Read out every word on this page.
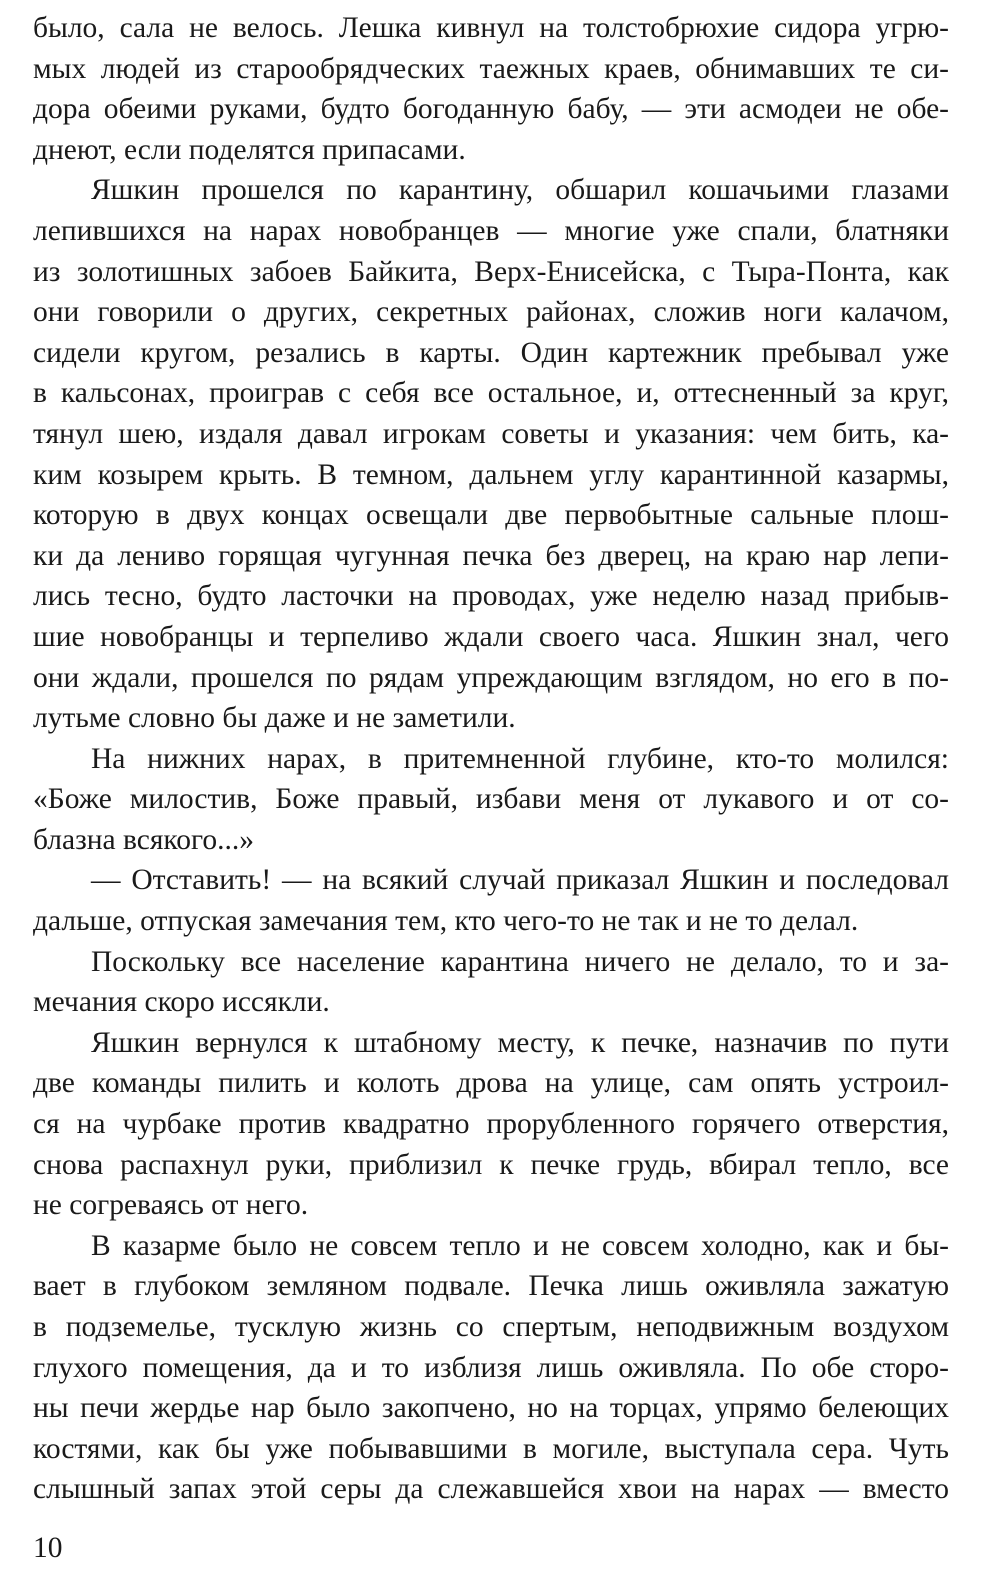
было, сала не велось. Лешка кивнул на толстобрюхие сидора угрю-
мых людей из старообрядческих таежных краев, обнимавших те си-
дора обеими руками, будто богоданную бабу, — эти асмодеи не обе-
днеют, если поделятся припасами.
Яшкин прошелся по карантину, обшарил кошачьими глазами
лепившихся на нарах новобранцев — многие уже спали, блатняки
из золотишных забоев Байкита, Верх-Енисейска, с Тыра-Понта, как
они говорили о других, секретных районах, сложив ноги калачом,
сидели кругом, резались в карты. Один картежник пребывал уже
в кальсонах, проиграв с себя все остальное, и, оттесненный за круг,
тянул шею, издаля давал игрокам советы и указания: чем бить, ка-
ким козырем крыть. В темном, дальнем углу карантинной казармы,
которую в двух концах освещали две первобытные сальные плош-
ки да лениво горящая чугунная печка без дверец, на краю нар лепи-
лись тесно, будто ласточки на проводах, уже неделю назад прибыв-
шие новобранцы и терпеливо ждали своего часа. Яшкин знал, чего
они ждали, прошелся по рядам упреждающим взглядом, но его в по-
лутьме словно бы даже и не заметили.
На нижних нарах, в притемненной глубине, кто-то молился:
«Боже милостив, Боже правый, избави меня от лукавого и от со-
блазна всякого...»
— Отставить! — на всякий случай приказал Яшкин и последовал
дальше, отпуская замечания тем, кто чего-то не так и не то делал.
Поскольку все население карантина ничего не делало, то и за-
мечания скоро иссякли.
Яшкин вернулся к штабному месту, к печке, назначив по пути
две команды пилить и колоть дрова на улице, сам опять устроил-
ся на чурбаке против квадратно прорубленного горячего отверстия,
снова распахнул руки, приблизил к печке грудь, вбирал тепло, все
не согреваясь от него.
В казарме было не совсем тепло и не совсем холодно, как и бы-
вает в глубоком земляном подвале. Печка лишь оживляла зажатую
в подземелье, тусклую жизнь со спертым, неподвижным воздухом
глухого помещения, да и то изблизя лишь оживляла. По обе сторо-
ны печи жердье нар было закопчено, но на торцах, упрямо белеющих
костями, как бы уже побывавшими в могиле, выступала сера. Чуть
слышный запах этой серы да слежавшейся хвои на нарах — вместо
10
